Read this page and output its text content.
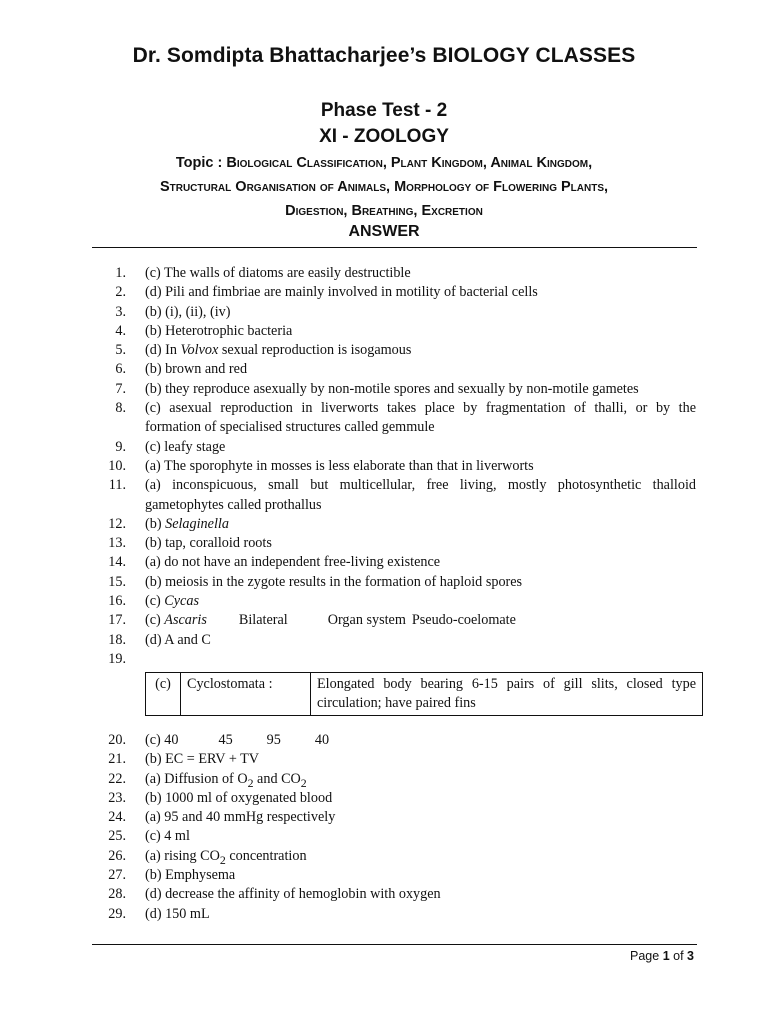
Dr. Somdipta Bhattacharjee’s BIOLOGY CLASSES
Phase Test - 2
XI - ZOOLOGY
Topic : Biological Classification, Plant Kingdom, Animal Kingdom,
Structural Organisation of Animals, Morphology of Flowering Plants,
Digestion, Breathing, Excretion
ANSWER
1. (c) The walls of diatoms are easily destructible
2. (d) Pili and fimbriae are mainly involved in motility of bacterial cells
3. (b) (i), (ii), (iv)
4. (b) Heterotrophic bacteria
5. (d) In Volvox sexual reproduction is isogamous
6. (b) brown and red
7. (b) they reproduce asexually by non-motile spores and sexually by non-motile gametes
8. (c) asexual reproduction in liverworts takes place by fragmentation of thalli, or by the
formation of specialised structures called gemmule
9. (c) leafy stage
10. (a) The sporophyte in mosses is less elaborate than that in liverworts
11. (a) inconspicuous, small but multicellular, free living, mostly photosynthetic thalloid
gametophytes called prothallus
12. (b) Selaginella
13. (b) tap, coralloid roots
14. (a) do not have an independent free-living existence
15. (b) meiosis in the zygote results in the formation of haploid spores
16. (c) Cycas
17. (c) Ascaris Bilateral	Organ system Pseudo-coelomate
18. (d) A and C
19.
(c)	Cyclostomata :	Elongated body bearing 6-15 pairs of gill slits, closed type circulation; have paired fins
20. (c) 40	45 95 40
21. (b) EC = ERV + TV
22. (a) Diffusion of $O_2$ and $CO_2$
23. (b) 1000 ml of oxygenated blood
24. (a) 95 and 40 mmHg respectively
25. (c) 4 ml
26. (a) rising $CO_2$ concentration
27. (b) Emphysema
28. (d) decrease the affinity of hemoglobin with oxygen
29. (d) 150 mL
Page 1 of 3
